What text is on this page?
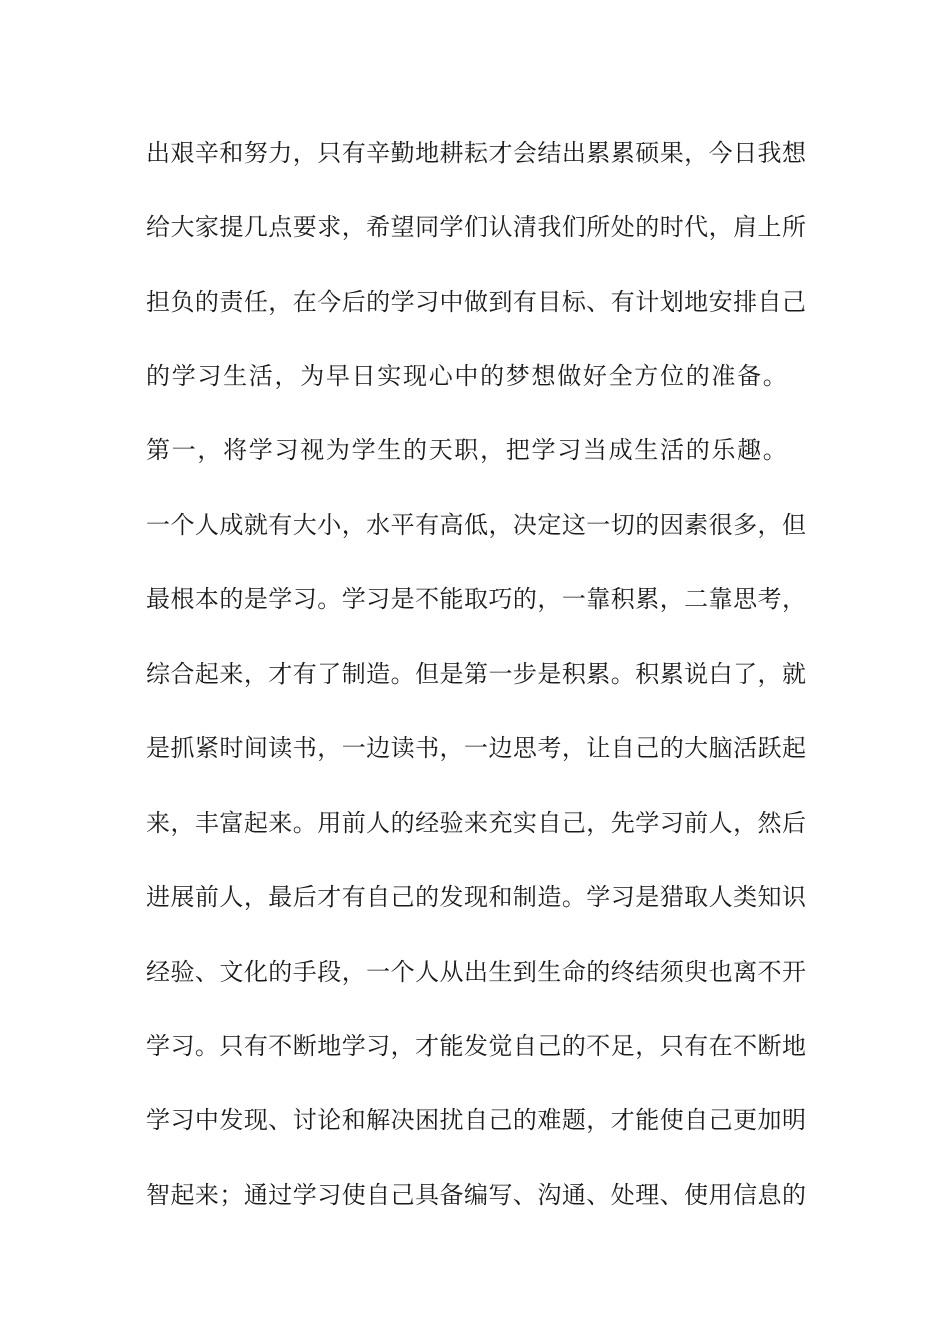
出艰辛和努力，只有辛勤地耕耘才会结出累累硕果，今日我想
给大家提几点要求，希望同学们认清我们所处的时代，肩上所
担负的责任，在今后的学习中做到有目标、有计划地安排自己
的学习生活，为早日实现心中的梦想做好全方位的准备。
第一，将学习视为学生的天职，把学习当成生活的乐趣。
一个人成就有大小，水平有高低，决定这一切的因素很多，但
最根本的是学习。学习是不能取巧的，一靠积累，二靠思考，
综合起来，才有了制造。但是第一步是积累。积累说白了，就
是抓紧时间读书，一边读书，一边思考，让自己的大脑活跃起
来，丰富起来。用前人的经验来充实自己，先学习前人，然后
进展前人，最后才有自己的发现和制造。学习是猎取人类知识
经验、文化的手段，一个人从出生到生命的终结须臾也离不开
学习。只有不断地学习，才能发觉自己的不足，只有在不断地
学习中发现、讨论和解决困扰自己的难题，才能使自己更加明
智起来；通过学习使自己具备编写、沟通、处理、使用信息的
